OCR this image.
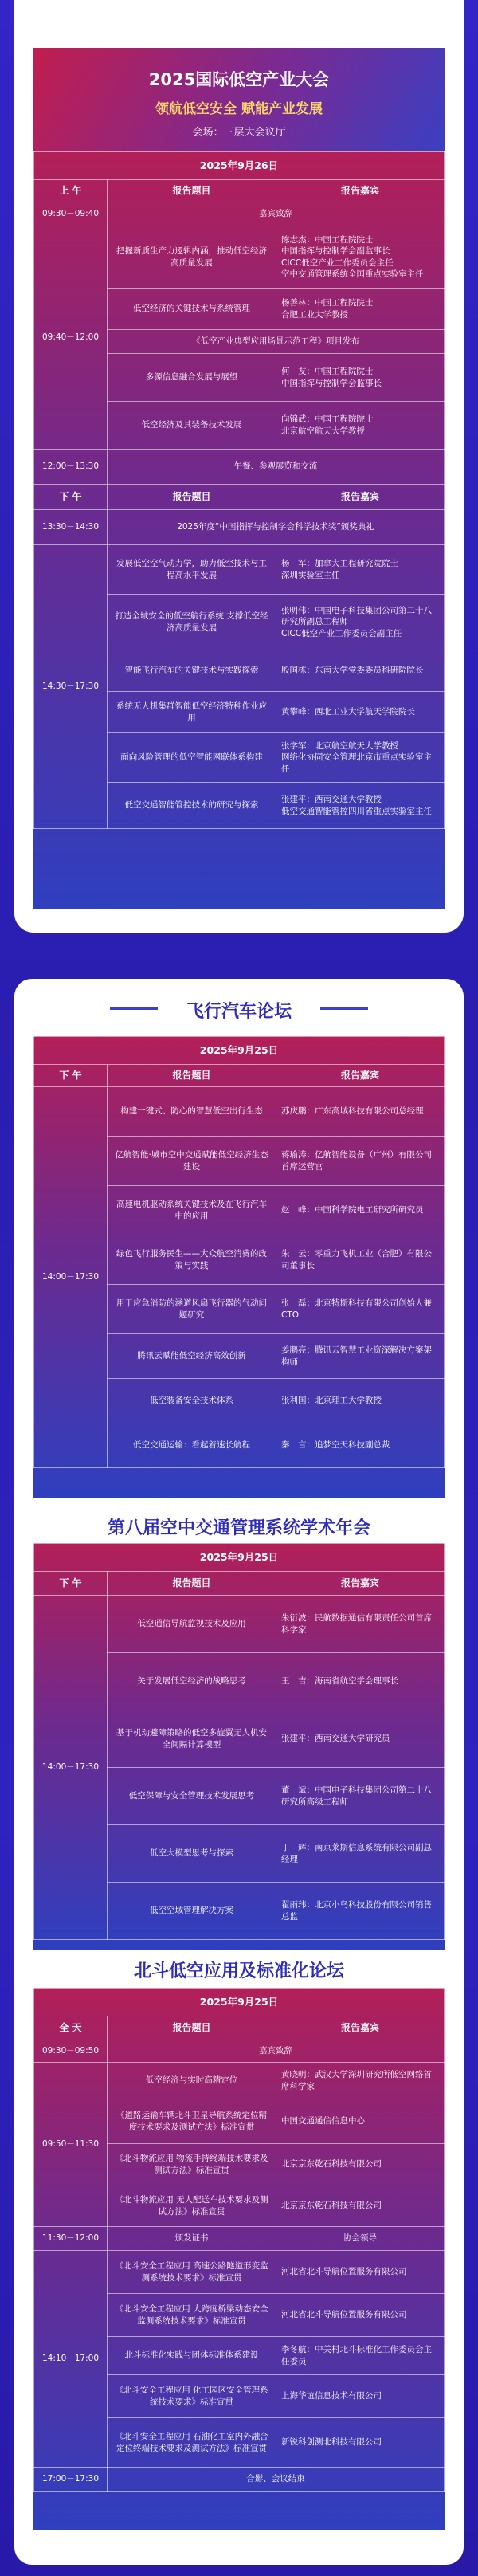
2025国际低空产业大会
领航低空安全 赋能产业发展
会场：三层大会议厅
2025年9月26日		
上 午	报告题目	报告嘉宾
09:30－09:40	嘉宾致辞	
09:40－12:00	把握新质生产力逻辑内涵，推动低空经济高质量发展	陈志杰：中国工程院院士
中国指挥与控制学会副监事长
CICC低空产业工作委员会主任
空中交通管理系统全国重点实验室主任
	低空经济的关键技术与系统管理	杨善林：中国工程院院士
合肥工业大学教授
	《低空产业典型应用场景示范工程》项目发布	
	多源信息融合发展与展望	何　友：中国工程院院士
中国指挥与控制学会监事长
	低空经济及其装备技术发展	向锦武：中国工程院院士
北京航空航天大学教授
12:00－13:30	午餐、参观展览和交流	
下 午	报告题目	报告嘉宾
13:30－14:30	2025年度“中国指挥与控制学会科学技术奖”颁奖典礼	
14:30－17:30	发展低空空气动力学，助力低空技术与工程高水平发展	杨　军：加拿大工程研究院院士
深圳实验室主任
	打造全域安全的低空航行系统 支撑低空经济高质量发展	张明伟：中国电子科技集团公司第二十八研究所副总工程师
CICC低空产业工作委员会副主任
	智能飞行汽车的关键技术与实践探索	殷国栋：东南大学党委委员科研院院长
	系统无人机集群智能低空经济特种作业应用	黄攀峰：西北工业大学航天学院院长
	面向风险管理的低空智能网联体系构建	张学军：北京航空航天大学教授
网络化协同安全管理北京市重点实验室主任
	低空交通智能管控技术的研究与探索	张建平：西南交通大学教授
低空交通智能管控四川省重点实验室主任
飞行汽车论坛
2025年9月25日		
下 午	报告题目	报告嘉宾
14:00－17:30	构建一键式、防心的智慧低空出行生态	苏庆鹏：广东高域科技有限公司总经理
	亿航智能·城市空中交通赋能低空经济生态建设	蒋瑜涛：亿航智能设备（广州）有限公司首席运营官
	高速电机驱动系统关键技术及在飞行汽车中的应用	赵　峰：中国科学院电工研究所研究员
	绿色飞行服务民生——大众航空消费的政策与实践	朱　云：零重力飞机工业（合肥）有限公司董事长
	用于应急消防的涵道风扇飞行器的气动问题研究	张　磊：北京特斯科技有限公司创始人兼CTO
	腾讯云赋能低空经济高效创新	姜鹏亮：腾讯云智慧工业资深解决方案架构师
	低空装备安全技术体系	张利国：北京理工大学教授
	低空交通运输：看起着速长航程	秦　言：追梦空天科技副总裁
第八届空中交通管理系统学术年会
2025年9月25日		
下 午	报告题目	报告嘉宾
14:00－17:30	低空通信导航监视技术及应用	朱衍波：民航数据通信有限责任公司首席科学家
	关于发展低空经济的战略思考	王　吉：海南省航空学会理事长
	基于机动避障策略的低空多旋翼无人机安全间隔计算模型	张建平：西南交通大学研究员
	低空保障与安全管理技术发展思考	董　斌：中国电子科技集团公司第二十八研究所高级工程师
	低空大模型思考与探索	丁　辉：南京莱斯信息系统有限公司副总经理
	低空空域管理解决方案	翟雨玮：北京小鸟科技股份有限公司销售总监
北斗低空应用及标准化论坛
2025年9月25日		
全 天	报告题目	报告嘉宾
09:30－09:50	嘉宾致辞	
09:50－11:30	低空经济与实时高精定位	黄晓明：武汉大学深圳研究所低空网络首席科学家
	《道路运输车辆北斗卫星导航系统定位精度技术要求及测试方法》标准宣贯	中国交通通信信息中心
	《北斗物流应用 物流手持终端技术要求及测试方法》标准宣贯	北京京东乾石科技有限公司
	《北斗物流应用 无人配送车技术要求及测试方法》标准宣贯	北京京东乾石科技有限公司
11:30－12:00	颁发证书	协会领导
14:10－17:00	《北斗安全工程应用 高速公路隧道形变监测系统技术要求》标准宣贯	河北省北斗导航位置服务有限公司
	《北斗安全工程应用 大跨度桥梁动态安全监测系统技术要求》标准宣贯	河北省北斗导航位置服务有限公司
	北斗标准化实践与团体标准体系建设	李冬航：中关村北斗标准化工作委员会主任委员
	《北斗安全工程应用 化工园区安全管理系统技术要求》标准宣贯	上海华谊信息技术有限公司
	《北斗安全工程应用 石油化工室内外融合定位终端技术要求及测试方法》标准宣贯	新锐科创测北科技有限公司
17:00－17:30	合影、会议结束	
